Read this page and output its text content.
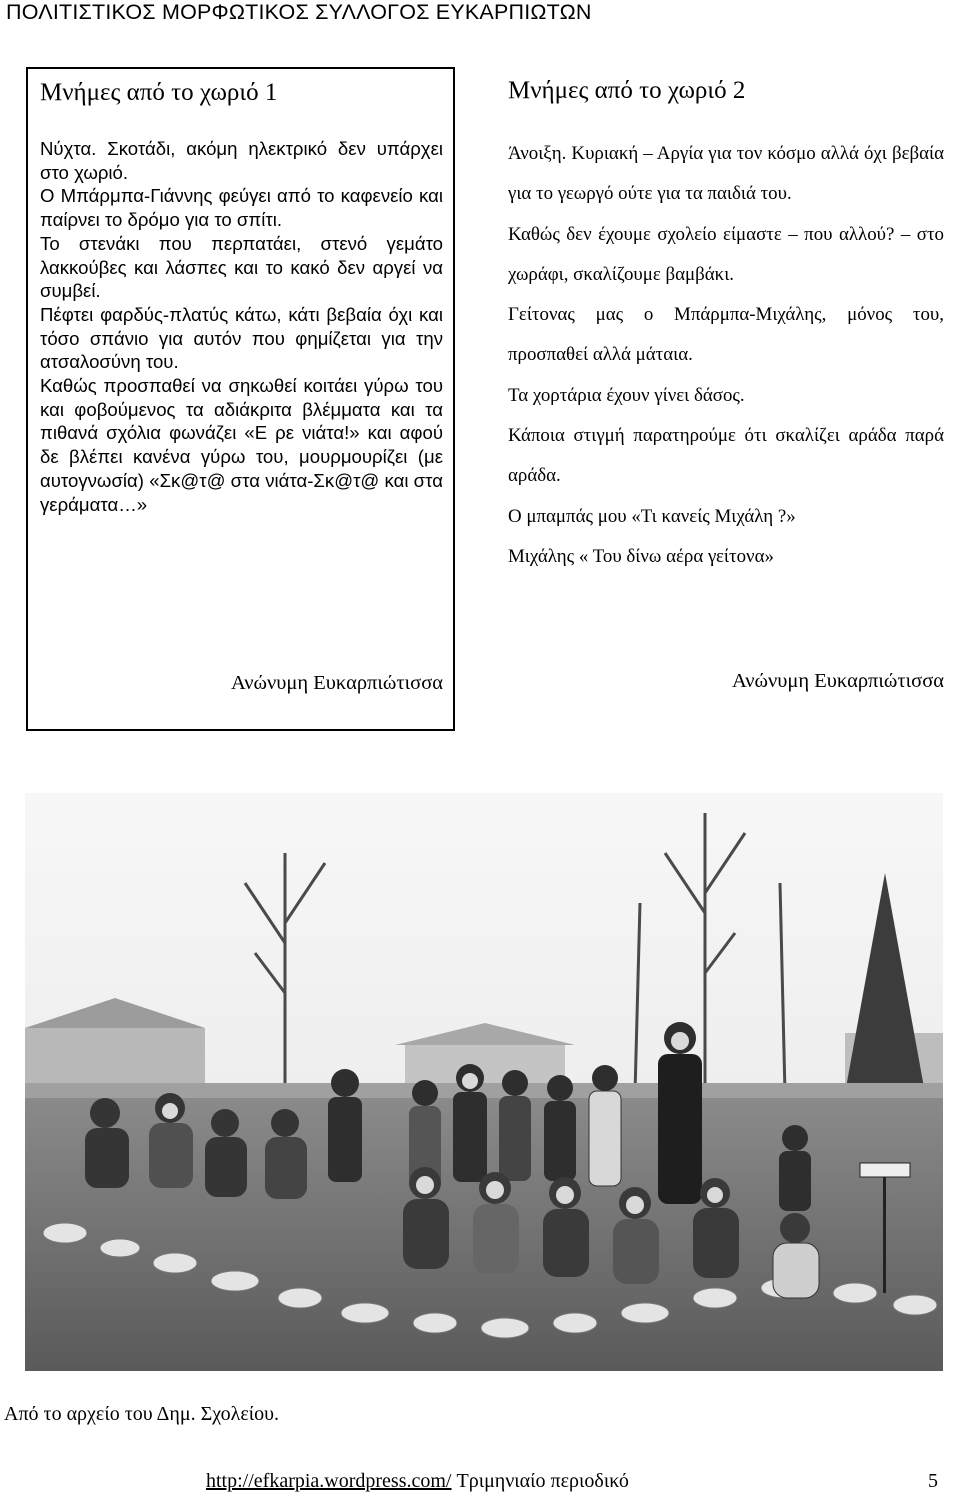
ΠΟΛΙΤΙΣΤΙΚΟΣ ΜΟΡΦΩΤΙΚΟΣ ΣΥΛΛΟΓΟΣ ΕΥΚΑΡΠΙΩΤΩΝ
Μνήμες από το χωριό 1

Νύχτα. Σκοτάδι, ακόμη ηλεκτρικό δεν υπάρχει στο χωριό.

Ο Μπάρμπα-Γιάννης φεύγει από το καφενείο και παίρνει το δρόμο για το σπίτι.

Το στενάκι που περπατάει, στενό γεμάτο λακκούβες και λάσπες και το κακό δεν αργεί να συμβεί.

Πέφτει φαρδύς-πλατύς κάτω, κάτι βεβαία όχι και τόσο σπάνιο για αυτόν που φημίζεται για την ατσαλοσύνη του.

Καθώς προσπαθεί να σηκωθεί κοιτάει γύρω του και φοβούμενος τα αδιάκριτα βλέμματα και τα πιθανά σχόλια φωνάζει «Ε ρε νιάτα!» και αφού δε βλέπει κανένα γύρω του, μουρμουρίζει (με αυτογνωσία) «Σκ@τ@ στα νιάτα-Σκ@τ@ και στα γεράματα…»

Ανώνυμη Ευκαρπιώτισσα
Μνήμες από το χωριό 2

Άνοιξη. Κυριακή – Αργία για τον κόσμο αλλά όχι βεβαία για το γεωργό ούτε για τα παιδιά του.

Καθώς δεν έχουμε σχολείο είμαστε – που αλλού? – στο χωράφι, σκαλίζουμε βαμβάκι.

Γείτονας μας ο Μπάρμπα-Μιχάλης, μόνος του, προσπαθεί αλλά μάταια.

Τα χορτάρια έχουν γίνει δάσος.

Κάποια στιγμή παρατηρούμε ότι σκαλίζει αράδα παρά αράδα.

Ο μπαμπάς μου «Τι κανείς Μιχάλη ?»

Μιχάλης « Του δίνω αέρα γείτονα»

Ανώνυμη Ευκαρπιώτισσα
Από το αρχείο του Δημ. Σχολείου.
http://efkarpia.wordpress.com/ Τριμηνιαίο περιοδικό	5
